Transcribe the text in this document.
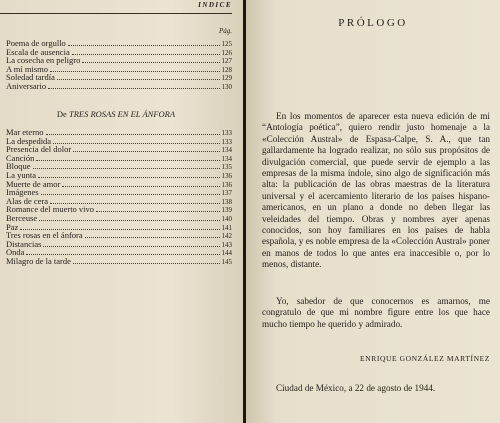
INDICE
Pág.
Poema de orgullo	125
Escala de ausencia	126
La cosecha en peligro	127
A mí mismo	128
Soledad tardía	129
Aniversario	130
De TRES ROSAS EN EL ÁNFORA
Mar eterno	133
La despedida	133
Presencia del dolor	134
Canción	134
Bloque	135
La yunta	136
Muerte de amor	136
Imágenes	137
Alas de cera	138
Romance del muerto vivo	139
Berceuse	140
Paz	141
Tres rosas en el ánfora	142
Distancias	143
Onda	144
Milagro de la tarde	145
PRÓLOGO

En los momentos de aparecer esta nueva edición de mi “Antología poética”, quiero rendir justo homenaje a la «Colección Austral» de Espasa-Calpe, S. A., que tan gallardamente ha logrado realizar, no sólo sus propósitos de divulgación comercial, que puede servir de ejemplo a las empresas de la misma índole, sino algo de significación más alta: la publicación de las obras maestras de la literatura universal y el acercamiento literario de los países hispano-americanos, en un plano a donde no deben llegar las veleidades del tiempo. Obras y nombres ayer apenas conocidos, son hoy familiares en los países de habla española, y es noble empresa de la «Colección Austral» poner en manos de todos lo que antes era inaccesible o, por lo menos, distante.

Yo, sabedor de que conocernos es amarnos, me congratulo de que mi nombre figure entre los que hace mucho tiempo he querido y admirado.

ENRIQUE GONZÁLEZ MARTÍNEZ
Ciudad de México, a 22 de agosto de 1944.
